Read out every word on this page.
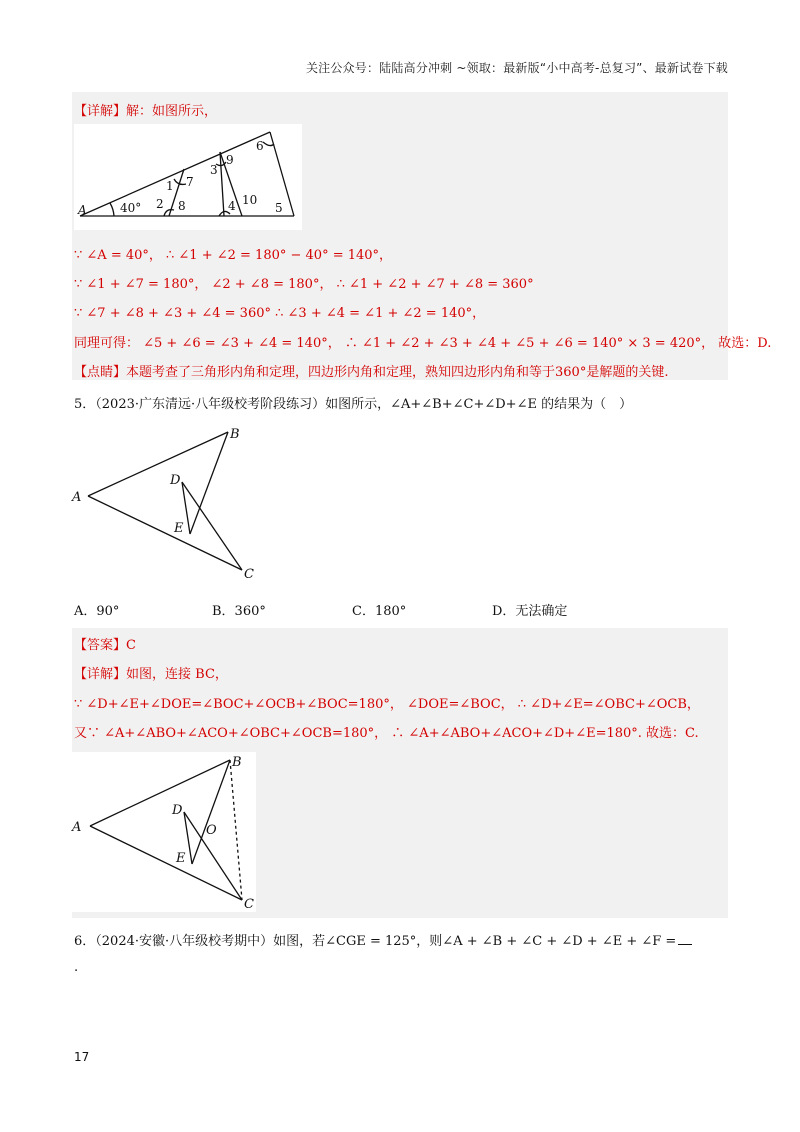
关注公众号：陆陆高分冲刺 ~领取：最新版“小中高考-总复习”、最新试卷下载
【详解】解：如图所示，
A	40°
1
2
3
4	5
6
7
8
9
10
∵ ∠A = 40°， ∴ ∠1 + ∠2 = 180° − 40° = 140°，
∵ ∠1 + ∠7 = 180°， ∠2 + ∠8 = 180°， ∴ ∠1 + ∠2 + ∠7 + ∠8 = 360°
∵ ∠7 + ∠8 + ∠3 + ∠4 = 360° ∴ ∠3 + ∠4 = ∠1 + ∠2 = 140°，
同理可得： ∠5 + ∠6 = ∠3 + ∠4 = 140°， ∴ ∠1 + ∠2 + ∠3 + ∠4 + ∠5 + ∠6 = 140° × 3 = 420°， 故选：D.
【点睛】本题考查了三角形内角和定理，四边形内角和定理，熟知四边形内角和等于360°是解题的关键.
5．（2023·广东清远·八年级校考阶段练习）如图所示，∠A+∠B+∠C+∠D+∠E 的结果为（　）
A
B
C
D
E
A．90°	B．360°	C．180°	D．无法确定
【答案】C
【详解】如图，连接 BC，
∵ ∠D+∠E+∠DOE=∠BOC+∠OCB+∠BOC=180°， ∠DOE=∠BOC， ∴ ∠D+∠E=∠OBC+∠OCB，
又∵ ∠A+∠ABO+∠ACO+∠OBC+∠OCB=180°， ∴ ∠A+∠ABO+∠ACO+∠D+∠E=180°. 故选：C.
A
B
C
D
E
O
6．（2024·安徽·八年级校考期中）如图，若∠CGE = 125°，则∠A + ∠B + ∠C + ∠D + ∠E + ∠F =
.
17
